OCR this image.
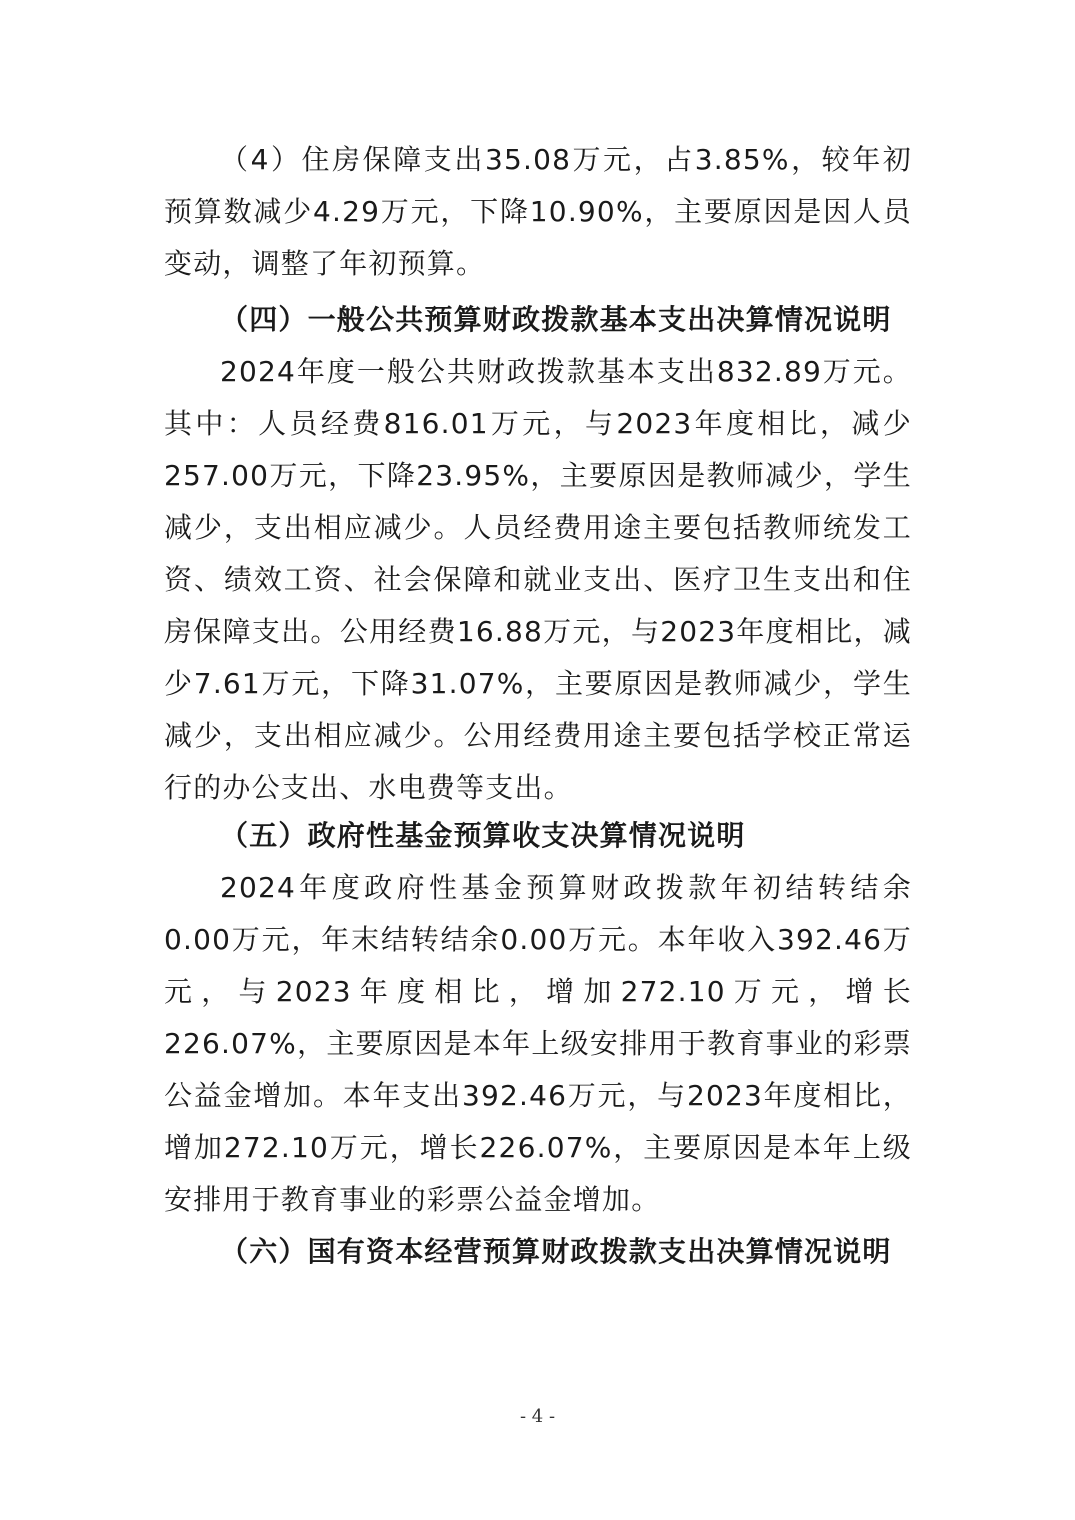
（4）住房保障支出35.08万元，占3.85%，较年初预算数减少4.29万元，下降10.90%，主要原因是因人员变动，调整了年初预算。

（四）一般公共预算财政拨款基本支出决算情况说明

2024年度一般公共财政拨款基本支出832.89万元。其中：人员经费816.01万元，与2023年度相比，减少257.00万元，下降23.95%，主要原因是教师减少，学生减少，支出相应减少。人员经费用途主要包括教师统发工资、绩效工资、社会保障和就业支出、医疗卫生支出和住房保障支出。公用经费16.88万元，与2023年度相比，减少7.61万元，下降31.07%，主要原因是教师减少，学生减少，支出相应减少。公用经费用途主要包括学校正常运行的办公支出、水电费等支出。

（五）政府性基金预算收支决算情况说明

2024年度政府性基金预算财政拨款年初结转结余0.00万元，年末结转结余0.00万元。本年收入392.46万元，与2023年度相比，增加272.10万元，增长226.07%，主要原因是本年上级安排用于教育事业的彩票公益金增加。本年支出392.46万元，与2023年度相比，增加272.10万元，增长226.07%，主要原因是本年上级安排用于教育事业的彩票公益金增加。

（六）国有资本经营预算财政拨款支出决算情况说明
- 4 -
